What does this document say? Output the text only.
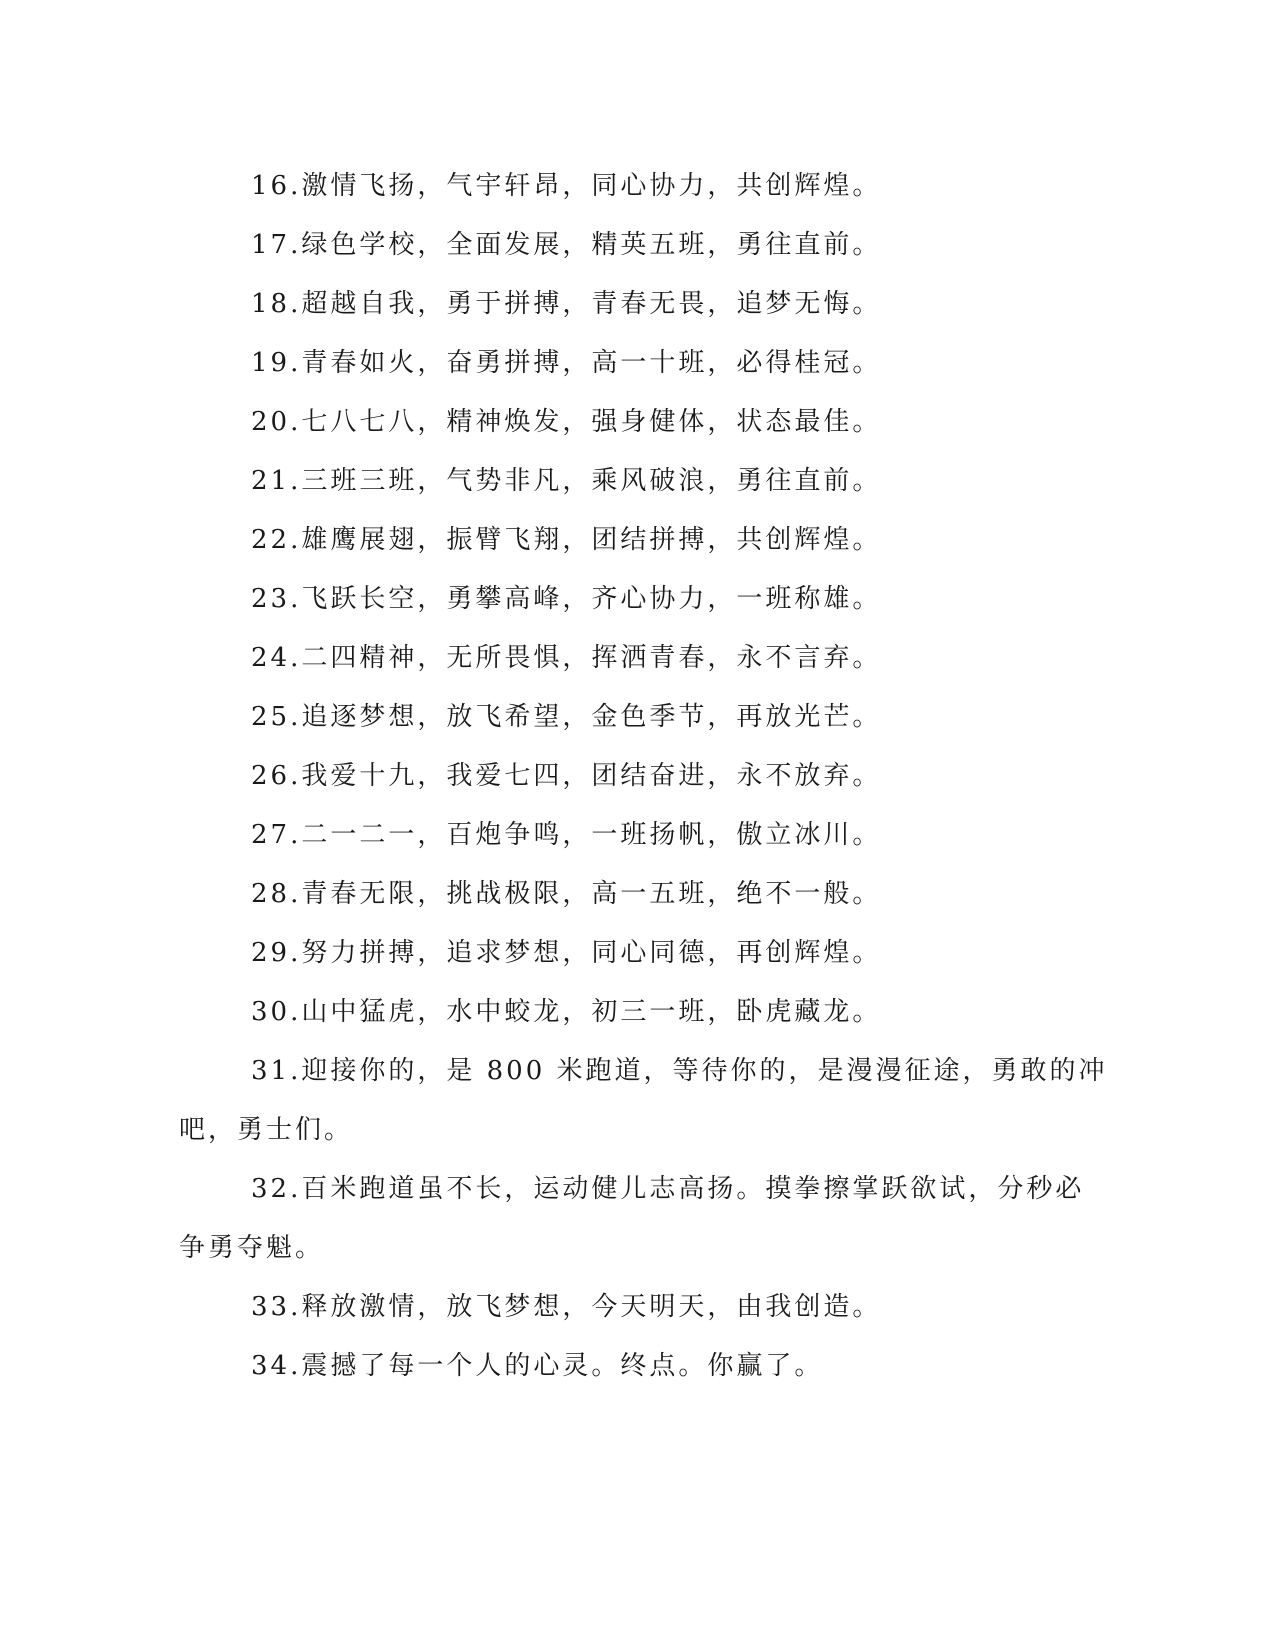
16.激情飞扬，气宇轩昂，同心协力，共创辉煌。
17.绿色学校，全面发展，精英五班，勇往直前。
18.超越自我，勇于拼搏，青春无畏，追梦无悔。
19.青春如火，奋勇拼搏，高一十班，必得桂冠。
20.七八七八，精神焕发，强身健体，状态最佳。
21.三班三班，气势非凡，乘风破浪，勇往直前。
22.雄鹰展翅，振臂飞翔，团结拼搏，共创辉煌。
23.飞跃长空，勇攀高峰，齐心协力，一班称雄。
24.二四精神，无所畏惧，挥洒青春，永不言弃。
25.追逐梦想，放飞希望，金色季节，再放光芒。
26.我爱十九，我爱七四，团结奋进，永不放弃。
27.二一二一，百炮争鸣，一班扬帆，傲立冰川。
28.青春无限，挑战极限，高一五班，绝不一般。
29.努力拼搏，追求梦想，同心同德，再创辉煌。
30.山中猛虎，水中蛟龙，初三一班，卧虎藏龙。
31.迎接你的，是 800 米跑道，等待你的，是漫漫征途，勇敢的冲
吧，勇士们。
32.百米跑道虽不长，运动健儿志高扬。摸拳擦掌跃欲试，分秒必
争勇夺魁。
33.释放激情，放飞梦想，今天明天，由我创造。
34.震撼了每一个人的心灵。终点。你赢了。
